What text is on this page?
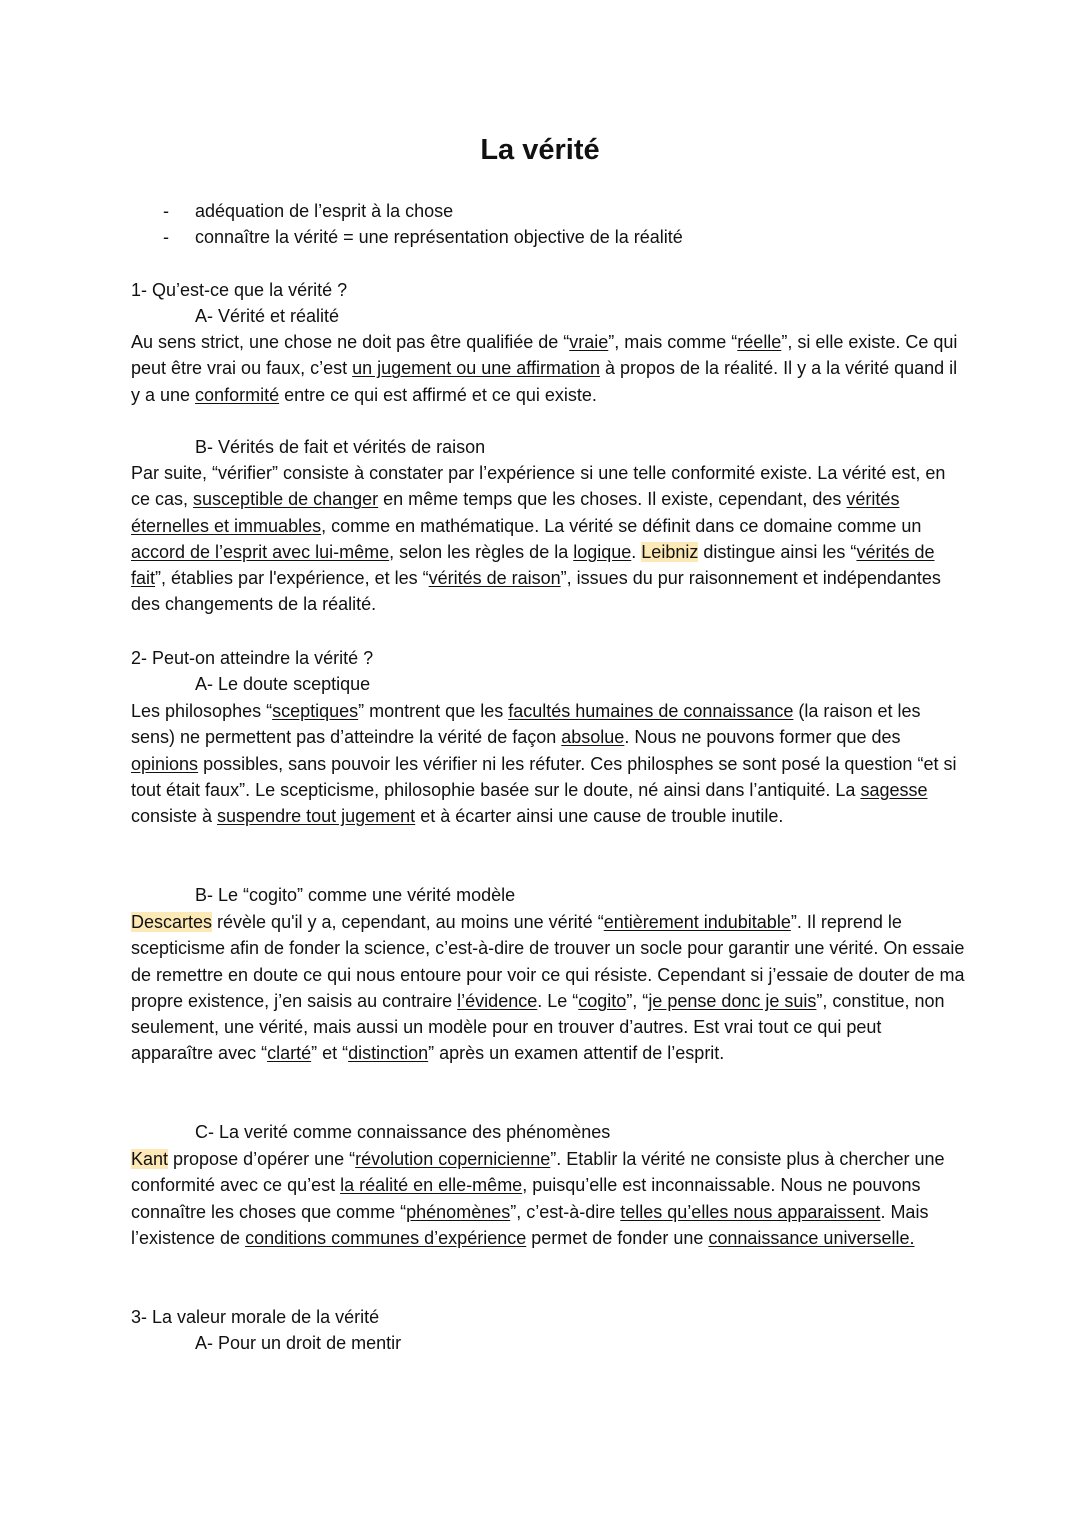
La vérité
- adéquation de l’esprit à la chose
- connaître la vérité = une représentation objective de la réalité
1- Qu’est-ce que la vérité ?
A- Vérité et réalité

Au sens strict, une chose ne doit pas être qualifiée de “vraie”, mais comme “réelle”, si elle existe. Ce qui peut être vrai ou faux, c’est un jugement ou une affirmation à propos de la réalité. Il y a la vérité quand il y a une conformité entre ce qui est affirmé et ce qui existe.

B- Vérités de fait et vérités de raison

Par suite, “vérifier” consiste à constater par l’expérience si une telle conformité existe. La vérité est, en ce cas, susceptible de changer en même temps que les choses. Il existe, cependant, des vérités éternelles et immuables, comme en mathématique. La vérité se définit dans ce domaine comme un accord de l’esprit avec lui-même, selon les règles de la logique. Leibniz distingue ainsi les “vérités de fait”, établies par l'expérience, et les “vérités de raison”, issues du pur raisonnement et indépendantes des changements de la réalité.

2- Peut-on atteindre la vérité ?
A- Le doute sceptique

Les philosophes “sceptiques” montrent que les facultés humaines de connaissance (la raison et les sens) ne permettent pas d’atteindre la vérité de façon absolue. Nous ne pouvons former que des opinions possibles, sans pouvoir les vérifier ni les réfuter. Ces philosphes se sont posé la question “et si tout était faux”. Le scepticisme, philosophie basée sur le doute, né ainsi dans l’antiquité. La sagesse consiste à suspendre tout jugement et à écarter ainsi une cause de trouble inutile.

B- Le “cogito” comme une vérité modèle

Descartes révèle qu'il y a, cependant, au moins une vérité “entièrement indubitable”. Il reprend le scepticisme afin de fonder la science, c’est-à-dire de trouver un socle pour garantir une vérité. On essaie de remettre en doute ce qui nous entoure pour voir ce qui résiste. Cependant si j’essaie de douter de ma propre existence, j’en saisis au contraire l’évidence. Le “cogito”, “je pense donc je suis”, constitue, non seulement, une vérité, mais aussi un modèle pour en trouver d’autres. Est vrai tout ce qui peut apparaître avec “clarté” et “distinction” après un examen attentif de l’esprit.

C- La verité comme connaissance des phénomènes

Kant propose d’opérer une “révolution copernicienne”. Etablir la vérité ne consiste plus à chercher une conformité avec ce qu’est la réalité en elle-même, puisqu’elle est inconnaissable. Nous ne pouvons connaître les choses que comme “phénomènes”, c’est-à-dire telles qu’elles nous apparaissent. Mais l’existence de conditions communes d’expérience permet de fonder une connaissance universelle.

3- La valeur morale de la vérité
A- Pour un droit de mentir
